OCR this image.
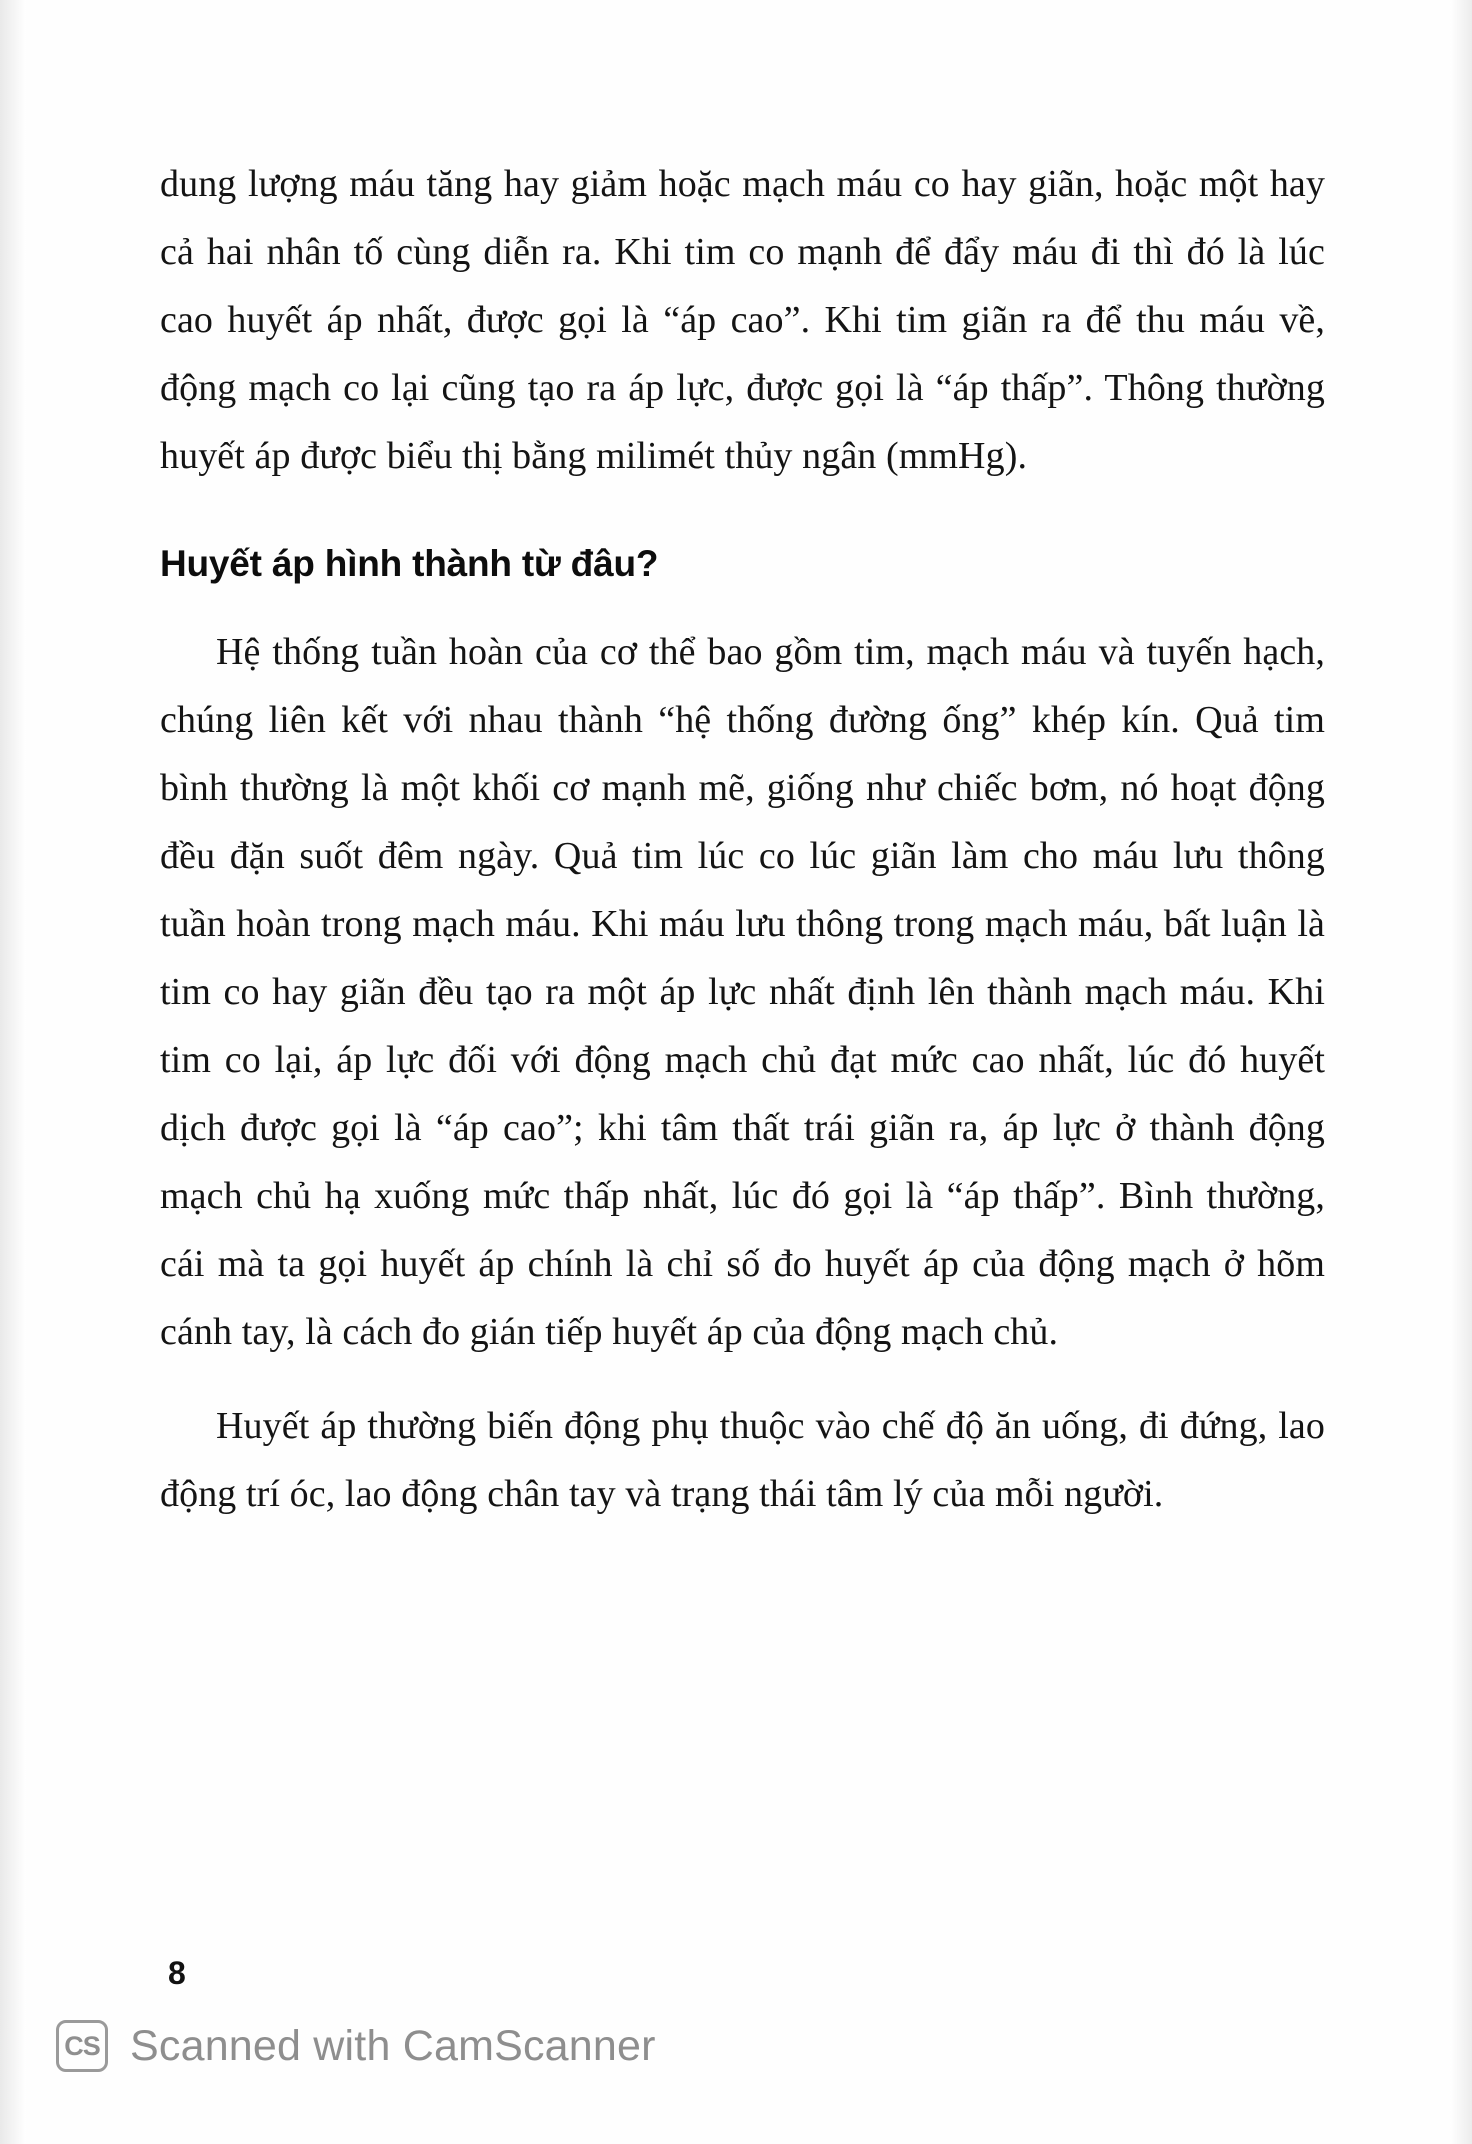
dung lượng máu tăng hay giảm hoặc mạch máu co hay giãn, hoặc một hay cả hai nhân tố cùng diễn ra. Khi tim co mạnh để đẩy máu đi thì đó là lúc cao huyết áp nhất, được gọi là “áp cao”. Khi tim giãn ra để thu máu về, động mạch co lại cũng tạo ra áp lực, được gọi là “áp thấp”. Thông thường huyết áp được biểu thị bằng milimét thủy ngân (mmHg).

Huyết áp hình thành từ đâu?

Hệ thống tuần hoàn của cơ thể bao gồm tim, mạch máu và tuyến hạch, chúng liên kết với nhau thành “hệ thống đường ống” khép kín. Quả tim bình thường là một khối cơ mạnh mẽ, giống như chiếc bơm, nó hoạt động đều đặn suốt đêm ngày. Quả tim lúc co lúc giãn làm cho máu lưu thông tuần hoàn trong mạch máu. Khi máu lưu thông trong mạch máu, bất luận là tim co hay giãn đều tạo ra một áp lực nhất định lên thành mạch máu. Khi tim co lại, áp lực đối với động mạch chủ đạt mức cao nhất, lúc đó huyết dịch được gọi là “áp cao”; khi tâm thất trái giãn ra, áp lực ở thành động mạch chủ hạ xuống mức thấp nhất, lúc đó gọi là “áp thấp”. Bình thường, cái mà ta gọi huyết áp chính là chỉ số đo huyết áp của động mạch ở hõm cánh tay, là cách đo gián tiếp huyết áp của động mạch chủ.

Huyết áp thường biến động phụ thuộc vào chế độ ăn uống, đi đứng, lao động trí óc, lao động chân tay và trạng thái tâm lý của mỗi người.

8
CS Scanned with CamScanner
